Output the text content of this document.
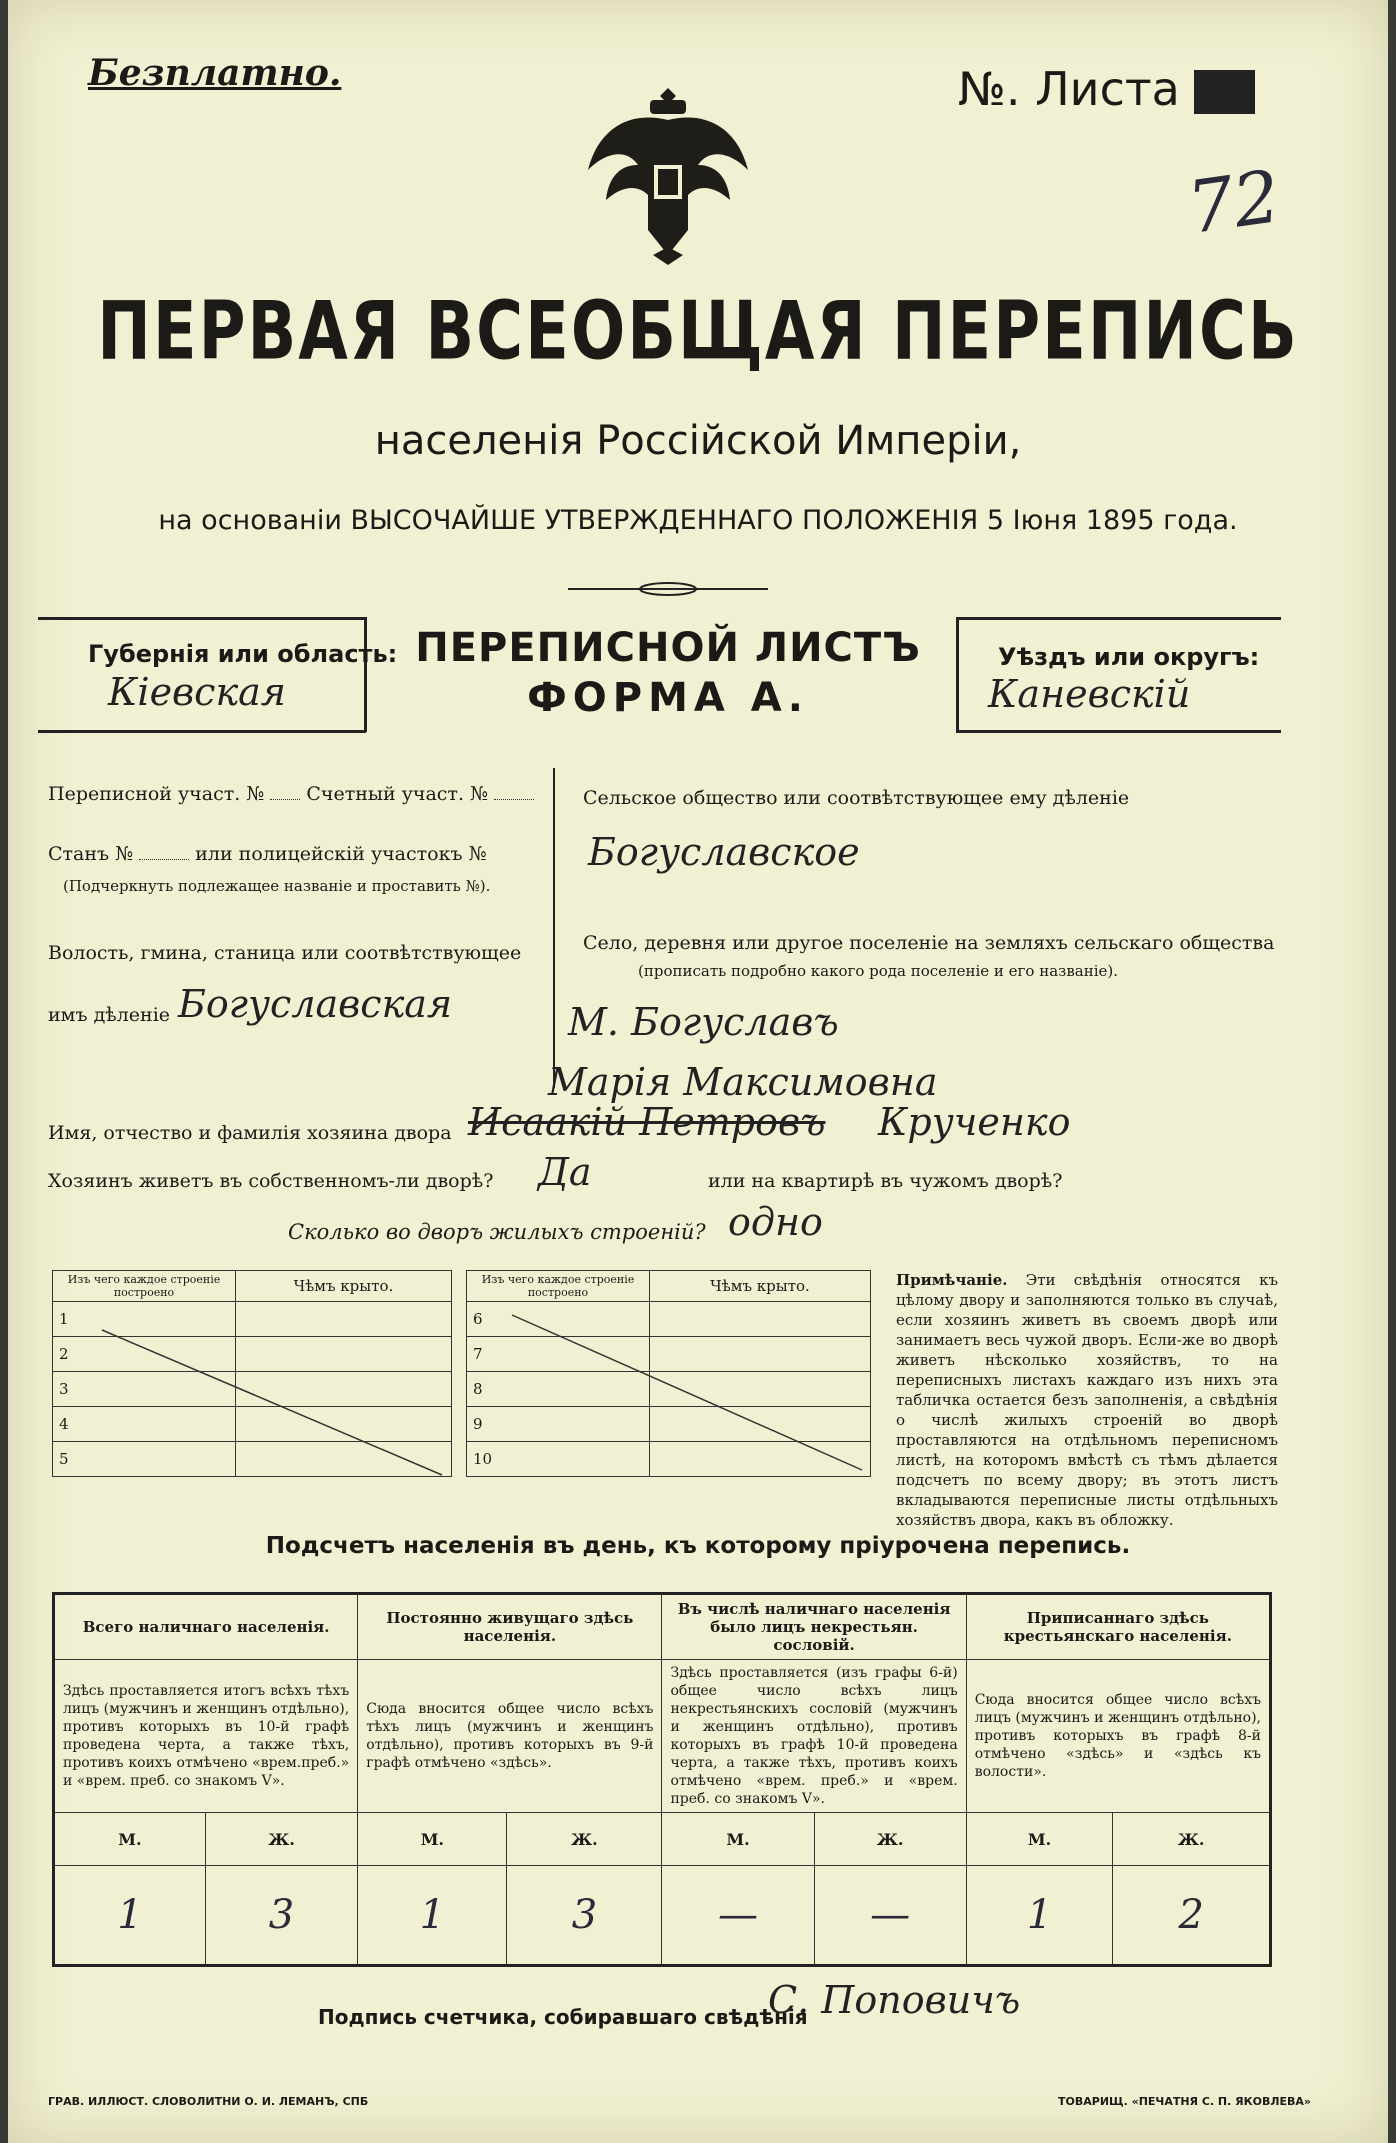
Безплатно.	№. Листа 28
72
ПЕРВАЯ ВСЕОБЩАЯ ПЕРЕПИСЬ
населенія Россійской Имперіи,
на основаніи ВЫСОЧАЙШЕ УТВЕРЖДЕННАГО ПОЛОЖЕНІЯ 5 Іюня 1895 года.
Губернія или область:
Кіевская
ПЕРЕПИСНОЙ ЛИСТЪ
ФОРМА А.
Уѣздъ или округъ:
Каневскій
Переписной участ. № Счетный участ. №
Станъ №	или полицейскій участокъ №
(Подчеркнуть подлежащее названіе и проставить №).
Волость, гмина, станица или соотвѣтствующее
имъ дѣленіе Богуславская
Сельское общество или соотвѣтствующее ему дѣленіе
Богуславское
Село, деревня или другое поселеніе на земляхъ сельскаго общества
(прописать подробно какого рода поселеніе и его названіе).
М. Богуславъ
Марія Максимовна
Имя, отчество и фамилія хозяина двора Исаакій Петровъ Крученко
Хозяинъ живетъ въ собственномъ-ли дворѣ? Да	или на квартирѣ въ чужомъ дворѣ?
Сколько во дворъ жилыхъ строеній? одно
Изъ чего каждое строеніе построено	Чѣмъ крыто.
1	
2	
3	
4	
5	
Изъ чего каждое строеніе построено	Чѣмъ крыто.
6	
7	
8	
9	
10	
Примѣчаніе. Эти свѣдѣнія относятся къ цѣлому двору и заполняются только въ случаѣ, если хозяинъ живетъ въ своемъ дворѣ или занимаетъ весь чужой дворъ. Если-же во дворѣ живетъ нѣсколько хозяйствъ, то на переписныхъ листахъ каждаго изъ нихъ эта табличка остается безъ заполненія, а свѣдѣнія о числѣ жилыхъ строеній во дворѣ проставляются на отдѣльномъ переписномъ листѣ, на которомъ вмѣстѣ съ тѣмъ дѣлается подсчетъ по всему двору; въ этотъ листъ вкладываются переписные листы отдѣльныхъ хозяйствъ двора, какъ въ обложку.
Подсчетъ населенія въ день, къ которому пріурочена перепись.
Всего наличнаго населенія.		Постоянно живущаго здѣсь населенія.		Въ числѣ наличнаго населенія было лицъ некрестьян. сословій.		Приписаннаго здѣсь крестьянскаго населенія.	
Здѣсь проставляется итогъ всѣхъ тѣхъ лицъ (мужчинъ и женщинъ отдѣльно), противъ которыхъ въ 10-й графѣ проведена черта, а также тѣхъ, противъ коихъ отмѣчено «врем.преб.» и «врем. преб. со знакомъ V».		Сюда вносится общее число всѣхъ тѣхъ лицъ (мужчинъ и женщинъ отдѣльно), противъ которыхъ въ 9-й графѣ отмѣчено «здѣсь».		Здѣсь проставляется (изъ графы 6-й) общее число всѣхъ лицъ некрестьянскихъ сословій (мужчинъ и женщинъ отдѣльно), противъ которыхъ въ графѣ 10-й проведена черта, а также тѣхъ, противъ коихъ отмѣчено «врем. преб.» и «врем. преб. со знакомъ V».		Сюда вносится общее число всѣхъ лицъ (мужчинъ и женщинъ отдѣльно), противъ которыхъ въ графѣ 8-й отмѣчено «здѣсь» и «здѣсь къ волости».	
М.	Ж.	М.	Ж.	М.	Ж.	М.	Ж.
1	3	1	3	—	—	1	2
Подпись счетчика, собиравшаго свѣдѣнія
С. Поповичъ
ГРАВ. ИЛЛЮСТ. СЛОВОЛИТНИ О. И. ЛЕМАНЪ, СПБ	ТОВАРИЩ. «ПЕЧАТНЯ С. П. ЯКОВЛЕВА»
